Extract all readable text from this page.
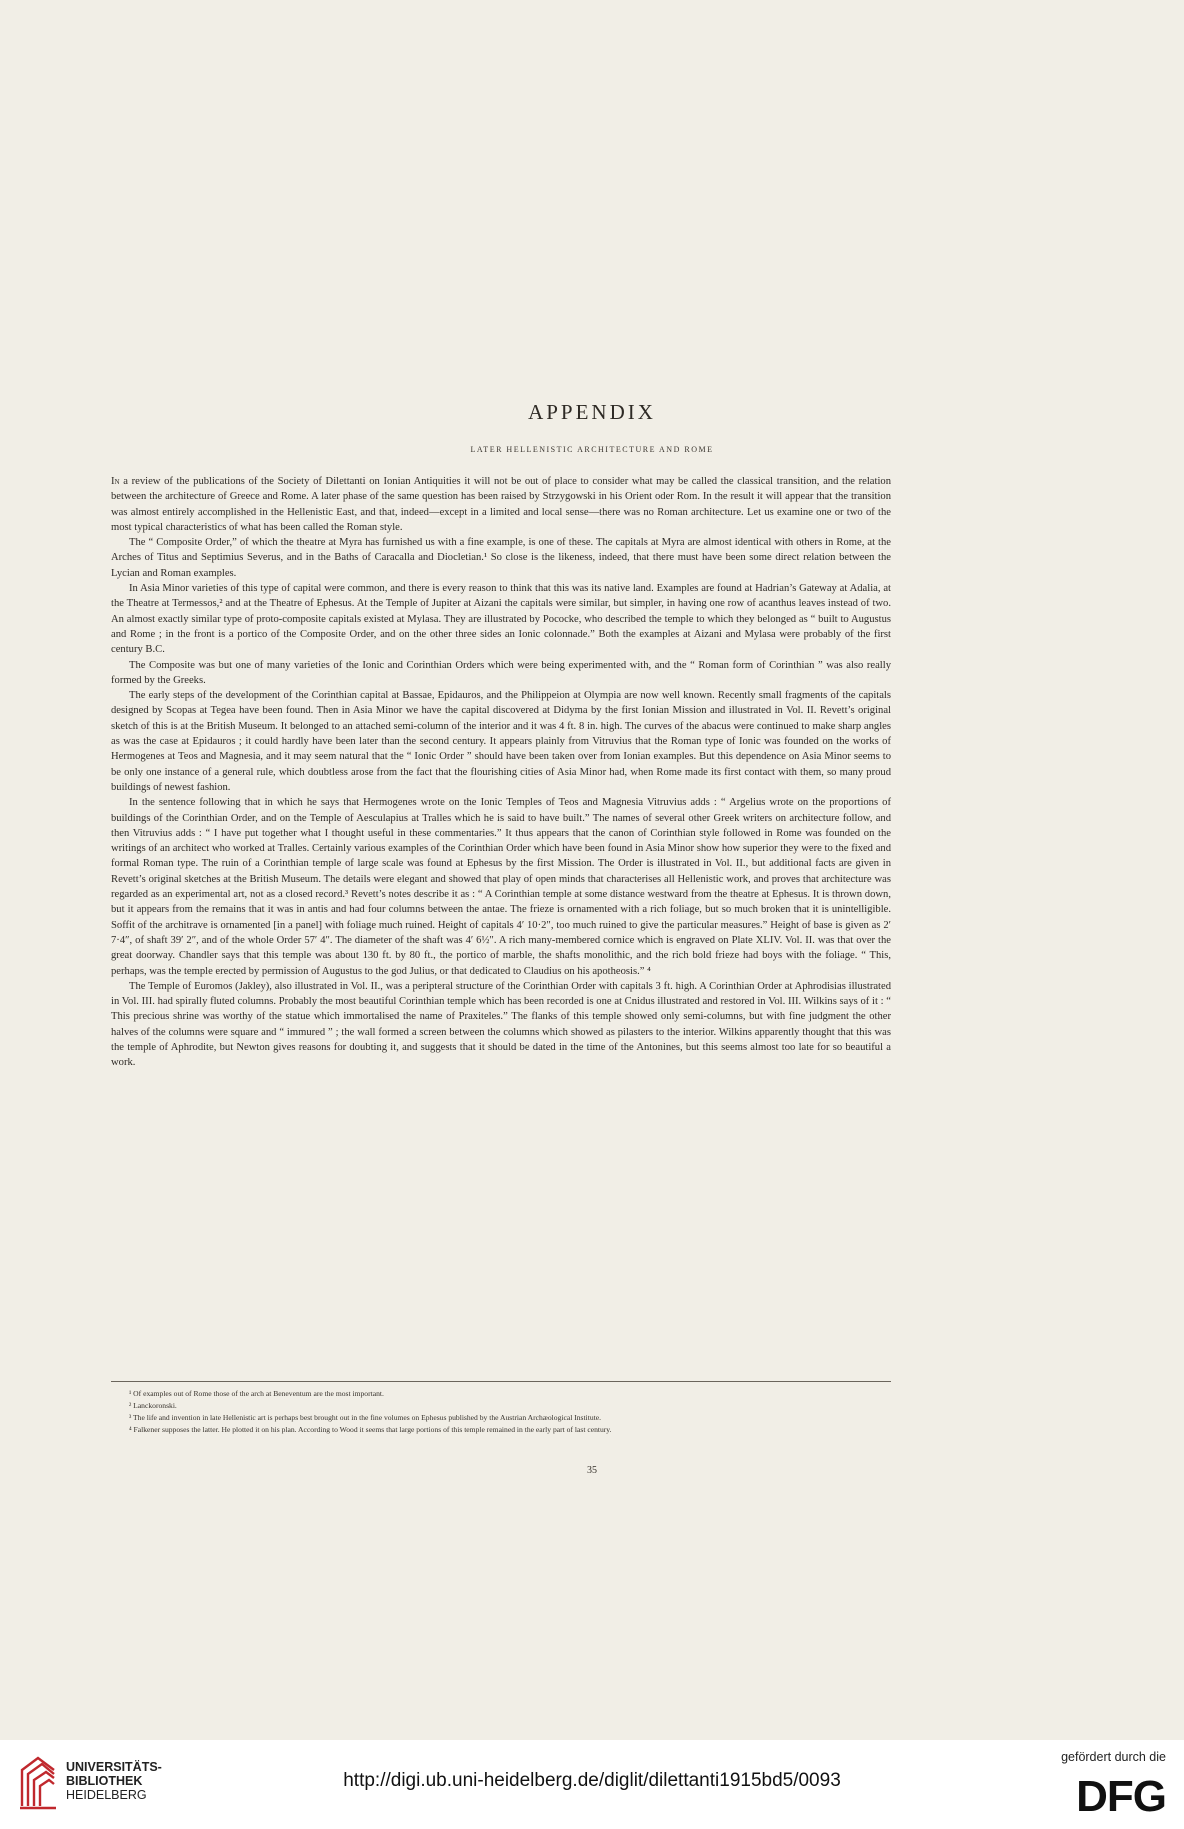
APPENDIX
LATER HELLENISTIC ARCHITECTURE AND ROME

In a review of the publications of the Society of Dilettanti on Ionian Antiquities it will not be out of place to consider what may be called the classical transition, and the relation between the architecture of Greece and Rome. A later phase of the same question has been raised by Strzygowski in his Orient oder Rom. In the result it will appear that the transition was almost entirely accomplished in the Hellenistic East, and that, indeed—except in a limited and local sense—there was no Roman architecture. Let us examine one or two of the most typical characteristics of what has been called the Roman style.

The “ Composite Order,” of which the theatre at Myra has furnished us with a fine example, is one of these. The capitals at Myra are almost identical with others in Rome, at the Arches of Titus and Septimius Severus, and in the Baths of Caracalla and Diocletian.¹ So close is the likeness, indeed, that there must have been some direct relation between the Lycian and Roman examples.

In Asia Minor varieties of this type of capital were common, and there is every reason to think that this was its native land. Examples are found at Hadrian’s Gateway at Adalia, at the Theatre at Termessos,² and at the Theatre of Ephesus. At the Temple of Jupiter at Aizani the capitals were similar, but simpler, in having one row of acanthus leaves instead of two. An almost exactly similar type of proto-composite capitals existed at Mylasa. They are illustrated by Pococke, who described the temple to which they belonged as “ built to Augustus and Rome ; in the front is a portico of the Composite Order, and on the other three sides an Ionic colonnade.” Both the examples at Aizani and Mylasa were probably of the first century B.C.

The Composite was but one of many varieties of the Ionic and Corinthian Orders which were being experimented with, and the “ Roman form of Corinthian ” was also really formed by the Greeks.

The early steps of the development of the Corinthian capital at Bassae, Epidauros, and the Philippeion at Olympia are now well known. Recently small fragments of the capitals designed by Scopas at Tegea have been found. Then in Asia Minor we have the capital discovered at Didyma by the first Ionian Mission and illustrated in Vol. II. Revett’s original sketch of this is at the British Museum. It belonged to an attached semi-column of the interior and it was 4 ft. 8 in. high. The curves of the abacus were continued to make sharp angles as was the case at Epidauros ; it could hardly have been later than the second century. It appears plainly from Vitruvius that the Roman type of Ionic was founded on the works of Hermogenes at Teos and Magnesia, and it may seem natural that the “ Ionic Order ” should have been taken over from Ionian examples. But this dependence on Asia Minor seems to be only one instance of a general rule, which doubtless arose from the fact that the flourishing cities of Asia Minor had, when Rome made its first contact with them, so many proud buildings of newest fashion.

In the sentence following that in which he says that Hermogenes wrote on the Ionic Temples of Teos and Magnesia Vitruvius adds : “ Argelius wrote on the proportions of buildings of the Corinthian Order, and on the Temple of Aesculapius at Tralles which he is said to have built.” The names of several other Greek writers on architecture follow, and then Vitruvius adds : “ I have put together what I thought useful in these commentaries.” It thus appears that the canon of Corinthian style followed in Rome was founded on the writings of an architect who worked at Tralles. Certainly various examples of the Corinthian Order which have been found in Asia Minor show how superior they were to the fixed and formal Roman type. The ruin of a Corinthian temple of large scale was found at Ephesus by the first Mission. The Order is illustrated in Vol. II., but additional facts are given in Revett’s original sketches at the British Museum. The details were elegant and showed that play of open minds that characterises all Hellenistic work, and proves that architecture was regarded as an experimental art, not as a closed record.³ Revett’s notes describe it as : “ A Corinthian temple at some distance westward from the theatre at Ephesus. It is thrown down, but it appears from the remains that it was in antis and had four columns between the antae. The frieze is ornamented with a rich foliage, but so much broken that it is unintelligible. Soffit of the architrave is ornamented [in a panel] with foliage much ruined. Height of capitals 4′ 10·2″, too much ruined to give the particular measures.” Height of base is given as 2′ 7·4″, of shaft 39′ 2″, and of the whole Order 57′ 4″. The diameter of the shaft was 4′ 6½″. A rich many-membered cornice which is engraved on Plate XLIV. Vol. II. was that over the great doorway. Chandler says that this temple was about 130 ft. by 80 ft., the portico of marble, the shafts monolithic, and the rich bold frieze had boys with the foliage. “ This, perhaps, was the temple erected by permission of Augustus to the god Julius, or that dedicated to Claudius on his apotheosis.” ⁴

The Temple of Euromos (Jakley), also illustrated in Vol. II., was a peripteral structure of the Corinthian Order with capitals 3 ft. high. A Corinthian Order at Aphrodisias illustrated in Vol. III. had spirally fluted columns. Probably the most beautiful Corinthian temple which has been recorded is one at Cnidus illustrated and restored in Vol. III. Wilkins says of it : “ This precious shrine was worthy of the statue which immortalised the name of Praxiteles.” The flanks of this temple showed only semi-columns, but with fine judgment the other halves of the columns were square and “ immured ” ; the wall formed a screen between the columns which showed as pilasters to the interior. Wilkins apparently thought that this was the temple of Aphrodite, but Newton gives reasons for doubting it, and suggests that it should be dated in the time of the Antonines, but this seems almost too late for so beautiful a work.

¹ Of examples out of Rome those of the arch at Beneventum are the most important.

² Lanckoronski.

³ The life and invention in late Hellenistic art is perhaps best brought out in the fine volumes on Ephesus published by the Austrian Archæological Institute.

⁴ Falkener supposes the latter. He plotted it on his plan. According to Wood it seems that large portions of this temple remained in the early part of last century.

35
UNIVERSITÄTS-
BIBLIOTHEK
HEIDELBERG
http://digi.ub.uni-heidelberg.de/diglit/dilettanti1915bd5/0093
gefördert durch die
DFG
